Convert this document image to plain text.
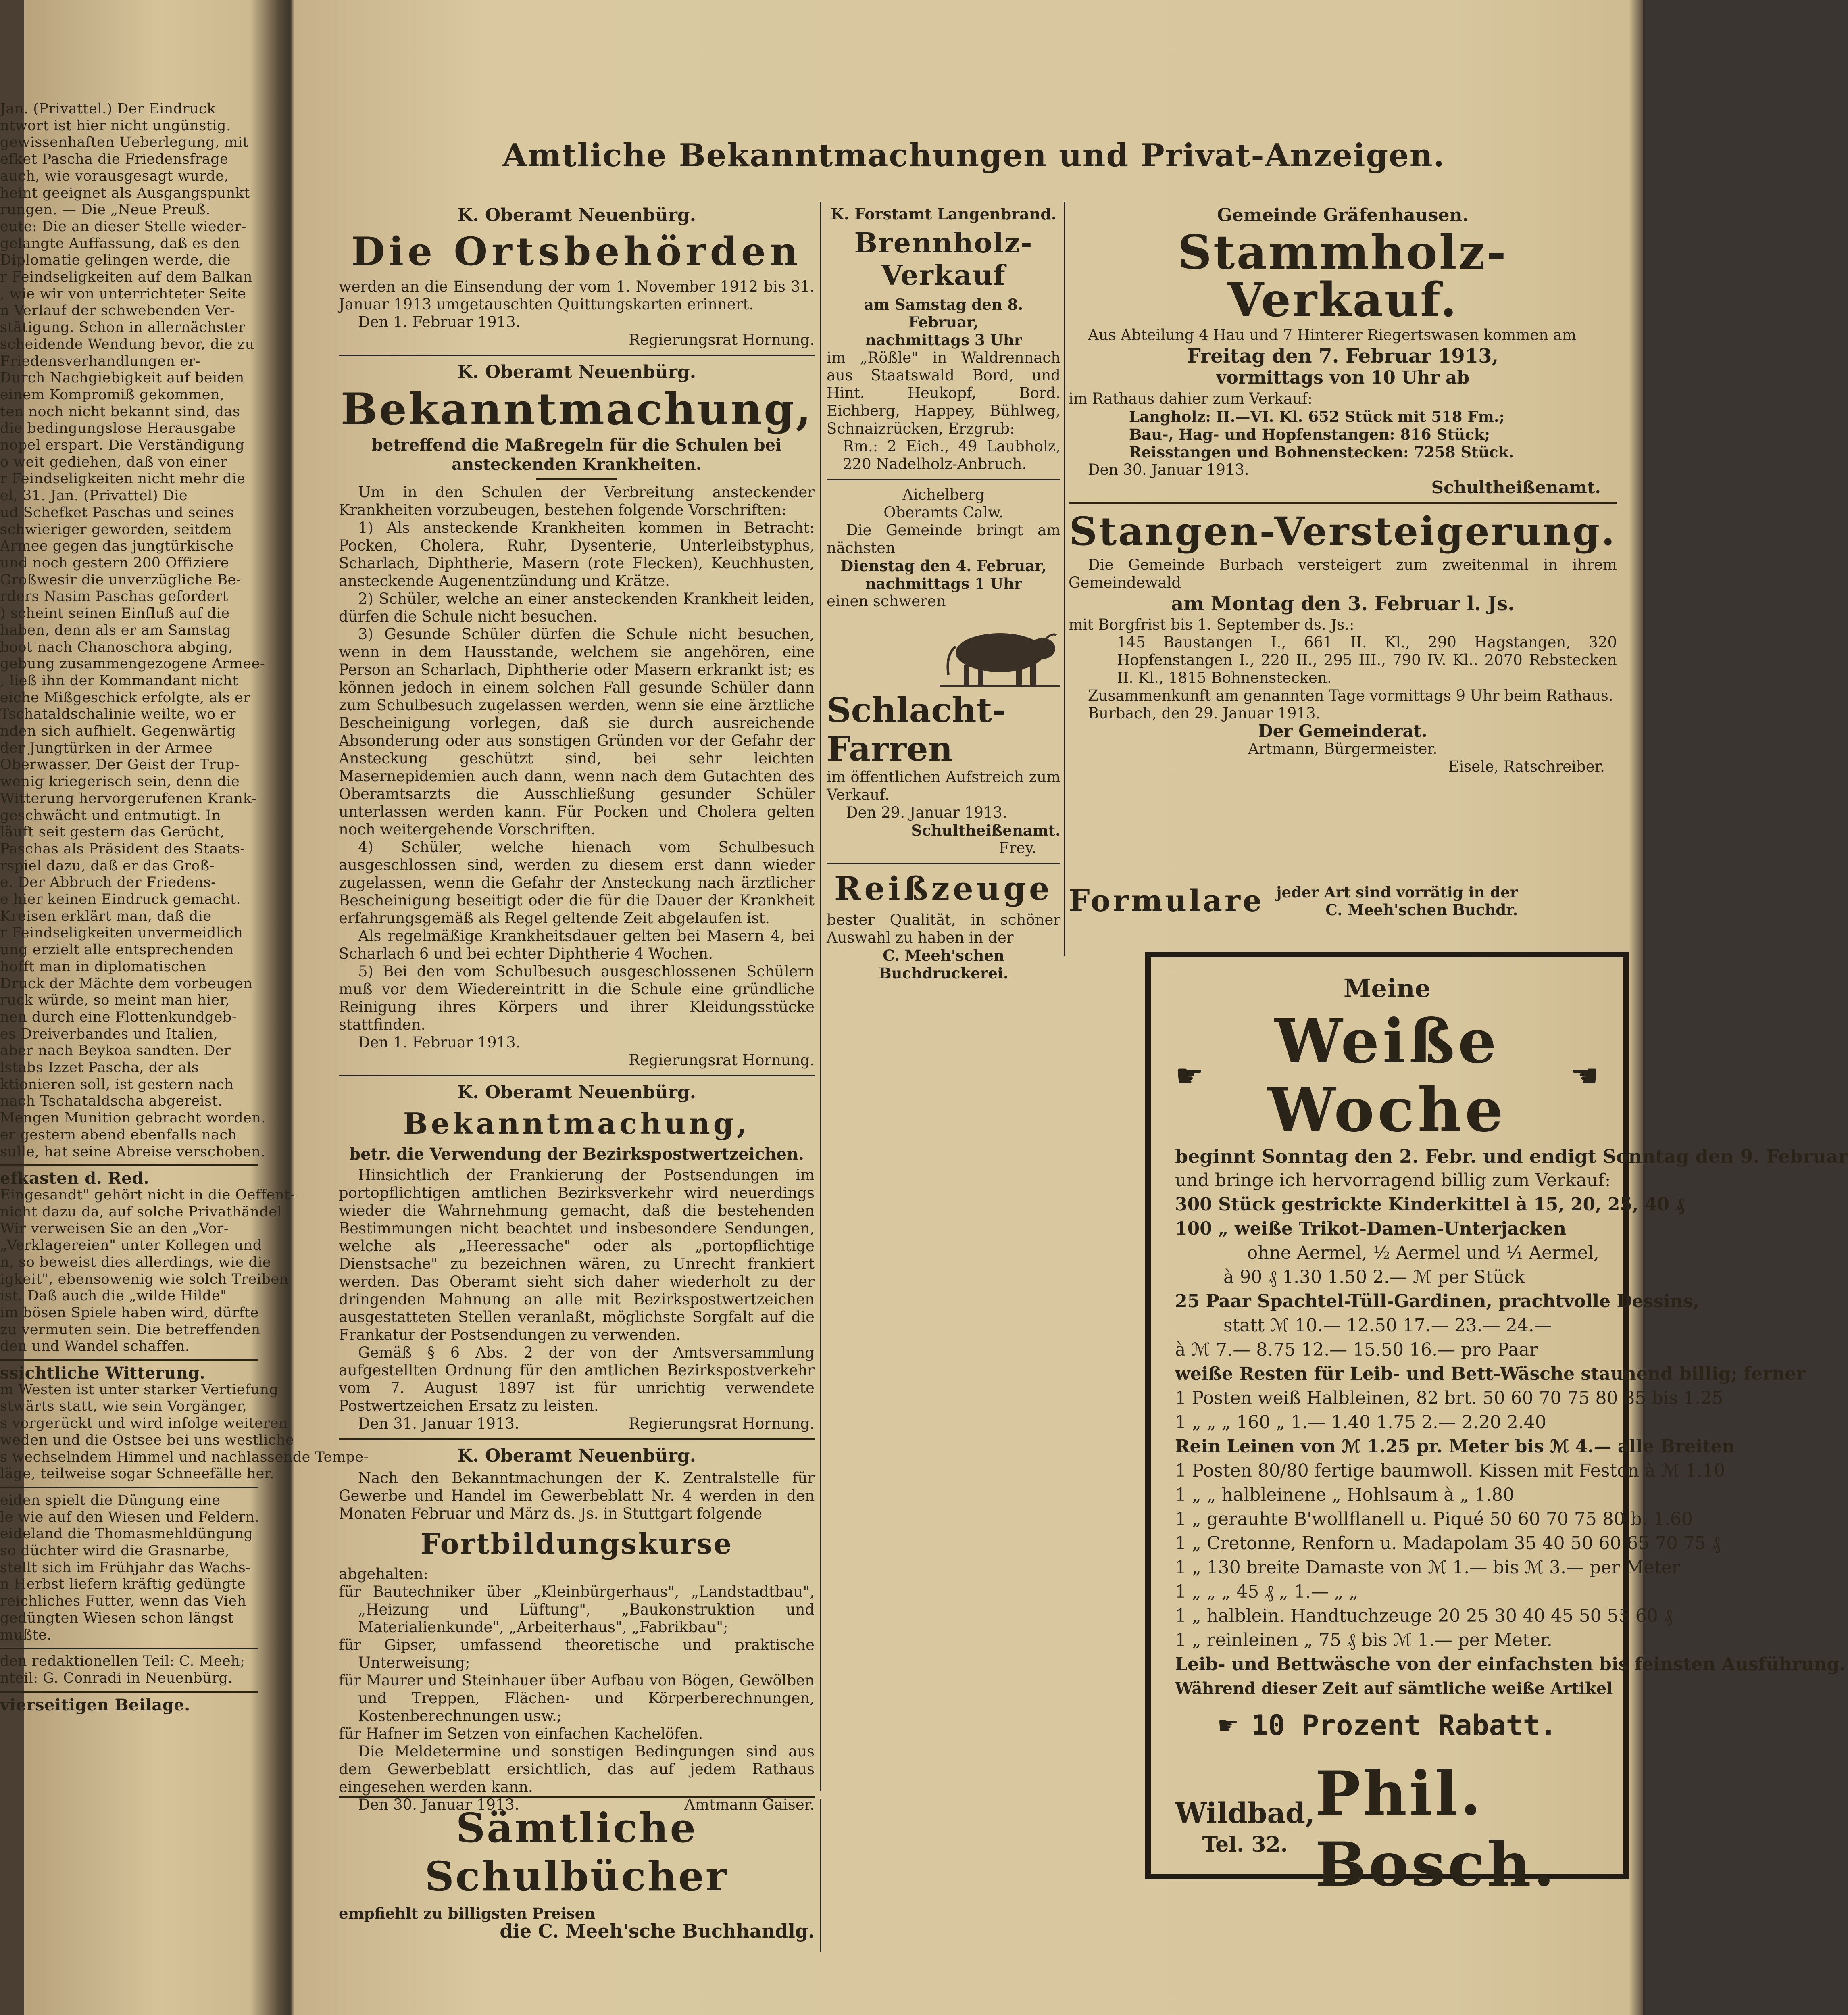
Jan. (Privattel.) Der Eindruck

ntwort ist hier nicht ungünstig.

gewissenhaften Ueberlegung, mit

efket Pascha die Friedensfrage

auch, wie vorausgesagt wurde,

heint geeignet als Ausgangspunkt

rungen. — Die „Neue Preuß.

eute: Die an dieser Stelle wieder-

gelangte Auffassung, daß es den

Diplomatie gelingen werde, die

r Feindseligkeiten auf dem Balkan

, wie wir von unterrichteter Seite

n Verlauf der schwebenden Ver-

stätigung. Schon in allernächster

scheidende Wendung bevor, die zu

Friedensverhandlungen er-

Durch Nachgiebigkeit auf beiden

einem Kompromiß gekommen,

ten noch nicht bekannt sind, das

die bedingungslose Herausgabe

nopel erspart. Die Verständigung

o weit gediehen, daß von einer

r Feindseligkeiten nicht mehr die

el, 31. Jan. (Privattel) Die

ud Schefket Paschas und seines

schwieriger geworden, seitdem

Armee gegen das jungtürkische

und noch gestern 200 Offiziere

Großwesir die unverzügliche Be-

rders Nasim Paschas gefordert

) scheint seinen Einfluß auf die

haben, denn als er am Samstag

boot nach Chanoschora abging,

gebung zusammengezogene Armee-

, ließ ihn der Kommandant nicht

eiche Mißgeschick erfolgte, als er

Tschataldschalinie weilte, wo er

nden sich aufhielt. Gegenwärtig

der Jungtürken in der Armee

Oberwasser. Der Geist der Trup-

wenig kriegerisch sein, denn die

Witterung hervorgerufenen Krank-

geschwächt und entmutigt. In

läuft seit gestern das Gerücht,

Paschas als Präsident des Staats-

rspiel dazu, daß er das Groß-

e. Der Abbruch der Friedens-

e hier keinen Eindruck gemacht.

Kreisen erklärt man, daß die

r Feindseligkeiten unvermeidlich

ung erzielt alle entsprechenden

hofft man in diplomatischen

Druck der Mächte dem vorbeugen

ruck würde, so meint man hier,

nen durch eine Flottenkundgeb-

es Dreiverbandes und Italien,

aber nach Beykoa sandten. Der

lstabs Izzet Pascha, der als

ktionieren soll, ist gestern nach

nach Tschataldscha abgereist.

Mengen Munition gebracht worden.

er gestern abend ebenfalls nach

sulle, hat seine Abreise verschoben.

efkasten d. Red.

Eingesandt" gehört nicht in die Oeffent-

nicht dazu da, auf solche Privathändel

Wir verweisen Sie an den „Vor-

„Verklagereien" unter Kollegen und

n, so beweist dies allerdings, wie die

igkeit", ebensowenig wie solch Treiben

ist. Daß auch die „wilde Hilde"

im bösen Spiele haben wird, dürfte

zu vermuten sein. Die betreffenden

den und Wandel schaffen.

ssichtliche Witterung.

m Westen ist unter starker Vertiefung

stwärts statt, wie sein Vorgänger,

s vorgerückt und wird infolge weiteren

weden und die Ostsee bei uns westliche

s wechselndem Himmel und nachlassende Tempe-

läge, teilweise sogar Schneefälle her.

eiden spielt die Düngung eine

le wie auf den Wiesen und Feldern.

eideland die Thomasmehldüngung

so düchter wird die Grasnarbe,

stellt sich im Frühjahr das Wachs-

n Herbst liefern kräftig gedüngte

reichliches Futter, wenn das Vieh

gedüngten Wiesen schon längst

mußte.

den redaktionellen Teil: C. Meeh;

nteil: G. Conradi in Neuenbürg.

vierseitigen Beilage.

Amtliche Bekanntmachungen und Privat-Anzeigen.

K. Oberamt Neuenbürg.

Die Ortsbehörden

werden an die Einsendung der vom 1. November 1912 bis 31. Januar 1913 umgetauschten Quittungskarten erinnert.

Den 1. Februar 1913.

Regierungsrat Hornung.

K. Oberamt Neuenbürg.

Bekanntmachung,

betreffend die Maßregeln für die Schulen bei ansteckenden Krankheiten.

Um in den Schulen der Verbreitung ansteckender Krankheiten vorzubeugen, bestehen folgende Vorschriften:

1) Als ansteckende Krankheiten kommen in Betracht: Pocken, Cholera, Ruhr, Dysenterie, Unterleibstyphus, Scharlach, Diphtherie, Masern (rote Flecken), Keuchhusten, ansteckende Augenentzündung und Krätze.

2) Schüler, welche an einer ansteckenden Krankheit leiden, dürfen die Schule nicht besuchen.

3) Gesunde Schüler dürfen die Schule nicht besuchen, wenn in dem Hausstande, welchem sie angehören, eine Person an Scharlach, Diphtherie oder Masern erkrankt ist; es können jedoch in einem solchen Fall gesunde Schüler dann zum Schulbesuch zugelassen werden, wenn sie eine ärztliche Bescheinigung vorlegen, daß sie durch ausreichende Absonderung oder aus sonstigen Gründen vor der Gefahr der Ansteckung geschützt sind, bei sehr leichten Masernepidemien auch dann, wenn nach dem Gutachten des Oberamtsarzts die Ausschließung gesunder Schüler unterlassen werden kann. Für Pocken und Cholera gelten noch weitergehende Vorschriften.

4) Schüler, welche hienach vom Schulbesuch ausgeschlossen sind, werden zu diesem erst dann wieder zugelassen, wenn die Gefahr der Ansteckung nach ärztlicher Bescheinigung beseitigt oder die für die Dauer der Krankheit erfahrungsgemäß als Regel geltende Zeit abgelaufen ist.

Als regelmäßige Krankheitsdauer gelten bei Masern 4, bei Scharlach 6 und bei echter Diphtherie 4 Wochen.

5) Bei den vom Schulbesuch ausgeschlossenen Schülern muß vor dem Wiedereintritt in die Schule eine gründliche Reinigung ihres Körpers und ihrer Kleidungsstücke stattfinden.

Den 1. Februar 1913.

Regierungsrat Hornung.

K. Oberamt Neuenbürg.

Bekanntmachung,

betr. die Verwendung der Bezirkspostwertzeichen.

Hinsichtlich der Frankierung der Postsendungen im portopflichtigen amtlichen Bezirksverkehr wird neuerdings wieder die Wahrnehmung gemacht, daß die bestehenden Bestimmungen nicht beachtet und insbesondere Sendungen, welche als „Heeressache" oder als „portopflichtige Dienstsache" zu bezeichnen wären, zu Unrecht frankiert werden. Das Oberamt sieht sich daher wiederholt zu der dringenden Mahnung an alle mit Bezirkspostwertzeichen ausgestatteten Stellen veranlaßt, möglichste Sorgfalt auf die Frankatur der Postsendungen zu verwenden.

Gemäß § 6 Abs. 2 der von der Amtsversammlung aufgestellten Ordnung für den amtlichen Bezirkspostverkehr vom 7. August 1897 ist für unrichtig verwendete Postwertzeichen Ersatz zu leisten.

Den 31. Januar 1913.	Regierungsrat Hornung.

K. Oberamt Neuenbürg.

Nach den Bekanntmachungen der K. Zentralstelle für Gewerbe und Handel im Gewerbeblatt Nr. 4 werden in den Monaten Februar und März ds. Js. in Stuttgart folgende

Fortbildungskurse

abgehalten:

für Bautechniker über „Kleinbürgerhaus", „Landstadtbau", „Heizung und Lüftung", „Baukonstruktion und Materialienkunde", „Arbeiterhaus", „Fabrikbau";

für Gipser, umfassend theoretische und praktische Unterweisung;

für Maurer und Steinhauer über Aufbau von Bögen, Gewölben und Treppen, Flächen- und Körperberechnungen, Kostenberechnungen usw.;

für Hafner im Setzen von einfachen Kachelöfen.

Die Meldetermine und sonstigen Bedingungen sind aus dem Gewerbeblatt ersichtlich, das auf jedem Rathaus eingesehen werden kann.

Den 30. Januar 1913.	Amtmann Gaiser.

Sämtliche Schulbücher

empfiehlt zu billigsten Preisen

die C. Meeh'sche Buchhandlg.

K. Forstamt Langenbrand.

Brennholz-Verkauf

am Samstag den 8. Februar,

nachmittags 3 Uhr

im „Rößle" in Waldrennach aus Staatswald Bord, und Hint. Heukopf, Bord. Eichberg, Happey, Bühlweg, Schnaizrücken, Erzgrub:

Rm.: 2 Eich., 49 Laubholz, 220 Nadelholz-Anbruch.

Aichelberg

Oberamts Calw.

Die Gemeinde bringt am nächsten

Dienstag den 4. Februar,

nachmittags 1 Uhr

einen schweren

Schlacht-

Farren

im öffentlichen Aufstreich zum Verkauf.

Den 29. Januar 1913.

Schultheißenamt.

Frey.

Reißzeuge

bester Qualität, in schöner Auswahl zu haben in der

C. Meeh'schen Buchdruckerei.

Gemeinde Gräfenhausen.

Stammholz-Verkauf.

Aus Abteilung 4 Hau und 7 Hinterer Riegertswasen kommen am

Freitag den 7. Februar 1913,

vormittags von 10 Uhr ab

im Rathaus dahier zum Verkauf:

Langholz: II.—VI. Kl. 652 Stück mit 518 Fm.;

Bau-, Hag- und Hopfenstangen: 816 Stück;

Reisstangen und Bohnenstecken: 7258 Stück.

Den 30. Januar 1913.

Schultheißenamt.

Stangen-Versteigerung.

Die Gemeinde Burbach versteigert zum zweitenmal in ihrem Gemeindewald

am Montag den 3. Februar l. Js.

mit Borgfrist bis 1. September ds. Js.:

145 Baustangen I., 661 II. Kl., 290 Hagstangen, 320 Hopfenstangen I., 220 II., 295 III., 790 IV. Kl.. 2070 Rebstecken II. Kl., 1815 Bohnenstecken.

Zusammenkunft am genannten Tage vormittags 9 Uhr beim Rathaus.

Burbach, den 29. Januar 1913.

Der Gemeinderat.

Artmann, Bürgermeister.

Eisele, Ratschreiber.

Formulare jeder Art sind vorrätig in der
C. Meeh'schen Buchdr.

Meine

☛	Weiße Woche	☛

beginnt Sonntag den 2. Febr. und endigt Sonntag den 9. Februar

und bringe ich hervorragend billig zum Verkauf:

300 Stück gestrickte Kinderkittel à 15, 20, 25, 40 ₰

100 „ weiße Trikot-Damen-Unterjacken

ohne Aermel, ½ Aermel und ¹⁄₁ Aermel,

à 90 ₰ 1.30 1.50 2.— ℳ per Stück

25 Paar Spachtel-Tüll-Gardinen, prachtvolle Dessins,

statt ℳ 10.— 12.50 17.— 23.— 24.—

à ℳ 7.— 8.75 12.— 15.50 16.— pro Paar

weiße Resten für Leib- und Bett-Wäsche staunend billig; ferner

1 Posten weiß Halbleinen, 82 brt. 50 60 70 75 80 85 bis 1.25

1 „ „ „ 160 „ 1.— 1.40 1.75 2.— 2.20 2.40

Rein Leinen von ℳ 1.25 pr. Meter bis ℳ 4.— alle Breiten

1 Posten 80/80 fertige baumwoll. Kissen mit Feston à ℳ 1.10

1 „ „ halbleinene „ Hohlsaum à „ 1.80

1 „ gerauhte B'wollflanell u. Piqué 50 60 70 75 80 b. 1.60

1 „ Cretonne, Renforn u. Madapolam 35 40 50 60 65 70 75 ₰

1 „ 130 breite Damaste von ℳ 1.— bis ℳ 3.— per Meter

1 „ „ „ 45 ₰ „ 1.— „ „

1 „ halblein. Handtuchzeuge 20 25 30 40 45 50 55 60 ₰

1 „ reinleinen „ 75 ₰ bis ℳ 1.— per Meter.

Leib- und Bettwäsche von der einfachsten bis feinsten Ausführung.

Während dieser Zeit auf sämtliche weiße Artikel

☛ 10 Prozent Rabatt.

Wildbad,
Tel. 32.
Phil. Bosch.
